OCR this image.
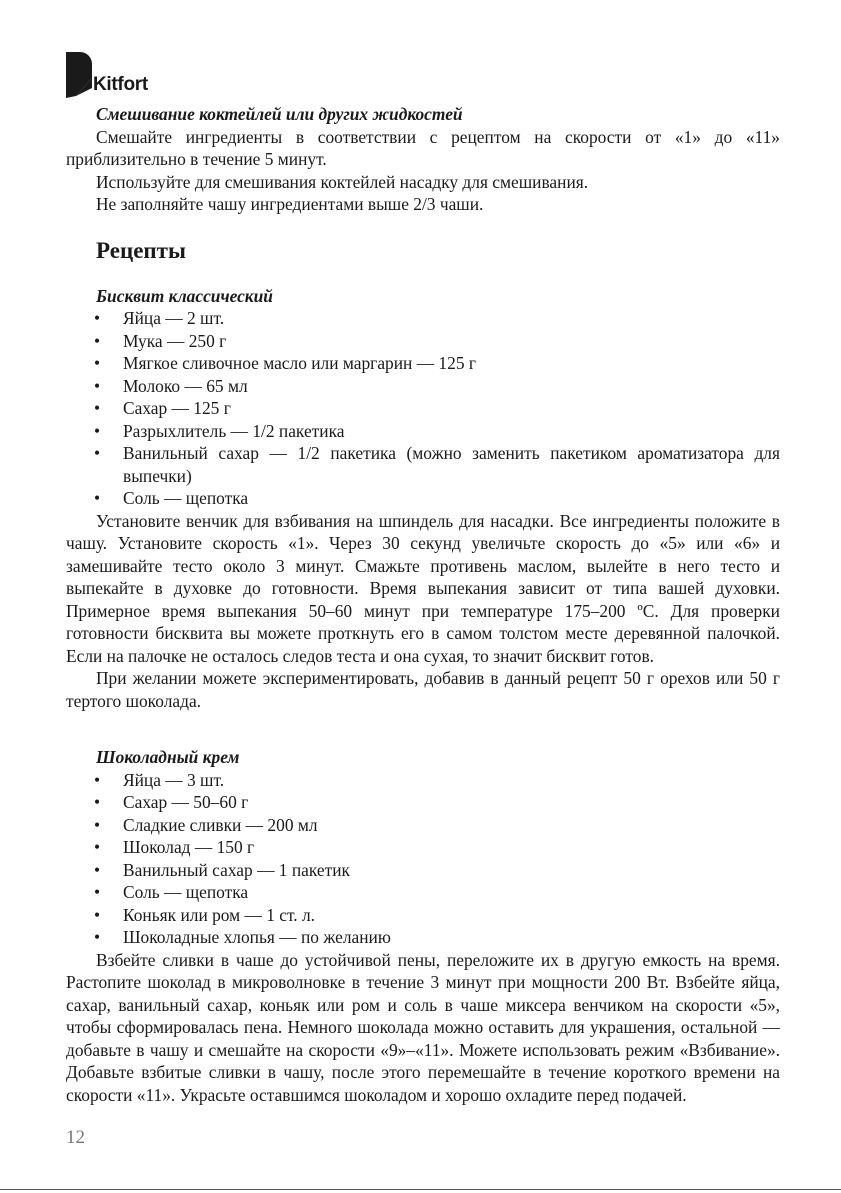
Kitfort
Смешивание коктейлей или других жидкостей
Смешайте ингредиенты в соответствии с рецептом на скорости от «1» до «11» приблизительно в течение 5 минут.
Используйте для смешивания коктейлей насадку для смешивания.
Не заполняйте чашу ингредиентами выше 2/3 чаши.
Рецепты
Бисквит классический
• Яйца — 2 шт.
• Мука — 250 г
• Мягкое сливочное масло или маргарин — 125 г
• Молоко — 65 мл
• Сахар — 125 г
• Разрыхлитель — 1/2 пакетика
• Ванильный сахар — 1/2 пакетика (можно заменить пакетиком ароматизатора для выпечки)
• Соль — щепотка
Установите венчик для взбивания на шпиндель для насадки. Все ингредиенты положите в чашу. Установите скорость «1». Через 30 секунд увеличьте скорость до «5» или «6» и замешивайте тесто около 3 минут. Смажьте противень маслом, вылейте в него тесто и выпекайте в духовке до готовности. Время выпекания зависит от типа вашей духовки. Примерное время выпекания 50–60 минут при температуре 175–200 ºС. Для проверки готовности бисквита вы можете проткнуть его в самом толстом месте деревянной палочкой. Если на палочке не осталось следов теста и она сухая, то значит бисквит готов.
При желании можете экспериментировать, добавив в данный рецепт 50 г орехов или 50 г тертого шоколада.
Шоколадный крем
• Яйца — 3 шт.
• Сахар — 50–60 г
• Сладкие сливки — 200 мл
• Шоколад — 150 г
• Ванильный сахар — 1 пакетик
• Соль — щепотка
• Коньяк или ром — 1 ст. л.
• Шоколадные хлопья — по желанию
Взбейте сливки в чаше до устойчивой пены, переложите их в другую емкость на время. Растопите шоколад в микроволновке в течение 3 минут при мощности 200 Вт. Взбейте яйца, сахар, ванильный сахар, коньяк или ром и соль в чаше миксера венчиком на скорости «5», чтобы сформировалась пена. Немного шоколада можно оставить для украшения, остальной — добавьте в чашу и смешайте на скорости «9»–«11». Можете использовать режим «Взбивание». Добавьте взбитые сливки в чашу, после этого перемешайте в течение короткого времени на скорости «11». Украсьте оставшимся шоколадом и хорошо охладите перед подачей.
12
